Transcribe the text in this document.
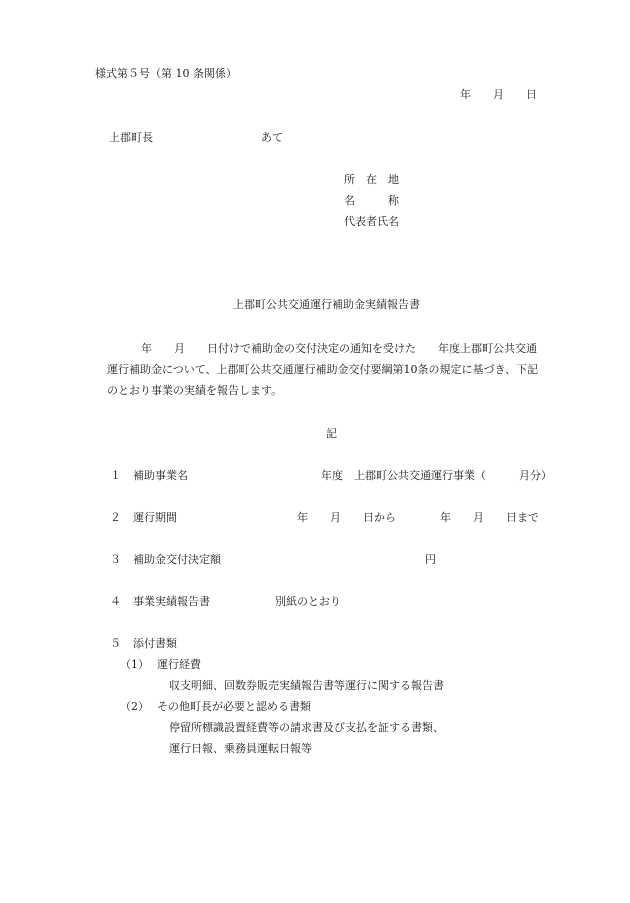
様式第５号（第 10 条関係）
年　　月　　日
上郡町長	あて
所　在　地
名　　　称
代表者氏名
上郡町公共交通運行補助金実績報告書
　　年　　月　　日付けで補助金の交付決定の通知を受けた　　年度上郡町公共交通
運行補助金について、上郡町公共交通運行補助金交付要綱第10条の規定に基づき、下記
のとおり事業の実績を報告します。
記
１ 補助事業名	年度　上郡町公共交通運行事業（　　　月分）
２ 運行期間	年　　月　　日から　　　　年　　月　　日まで
３ 補助金交付決定額	円
４ 事業実績報告書	別紙のとおり
５ 添付書類
（1） 運行経費
収支明細、回数券販売実績報告書等運行に関する報告書
（2） その他町長が必要と認める書類
停留所標識設置経費等の請求書及び支払を証する書類、
運行日報、乗務員運転日報等
